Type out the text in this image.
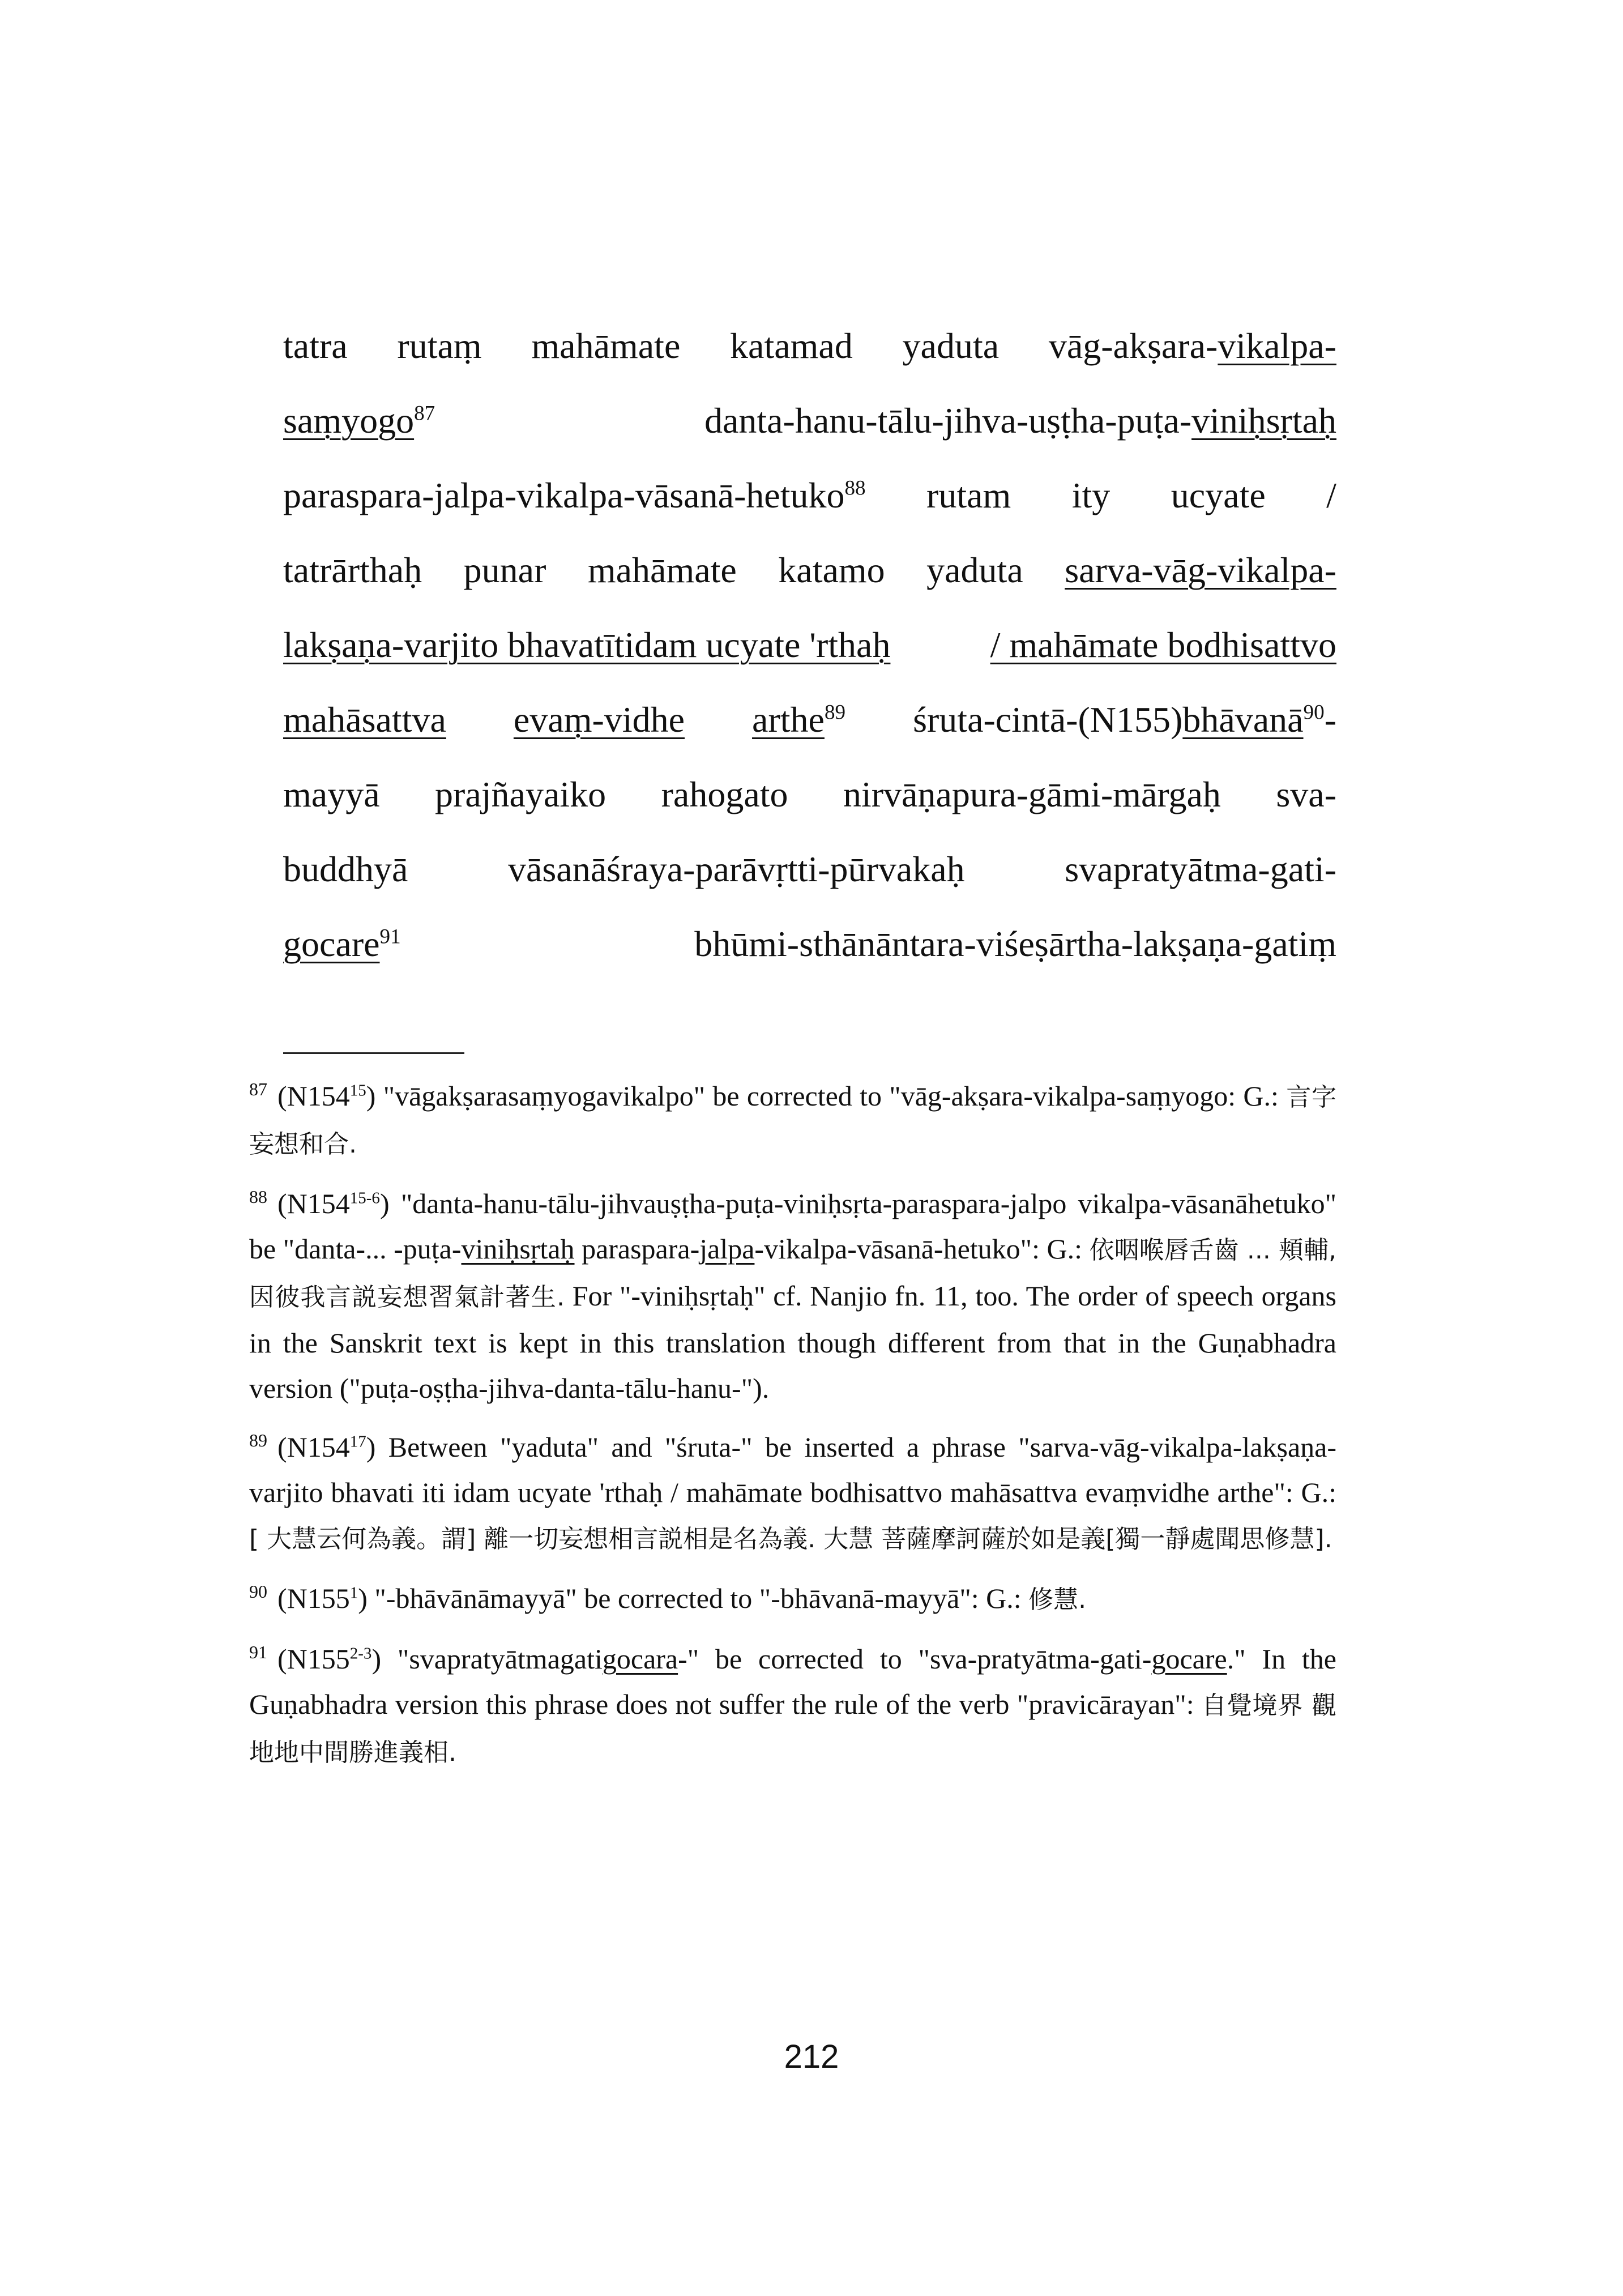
tatra rutaṃ mahāmate katamad yaduta vāg-akṣara-vikalpa-
saṃyogo$^{87}$	danta-hanu-tālu-jihva-uṣṭha-puṭa-viniḥsṛtaḥ
paraspara-jalpa-vikalpa-vāsanā-hetuko$^{88}$ rutam ity ucyate /
tatrārthaḥ punar mahāmate katamo yaduta sarva-vāg-vikalpa-
lakṣaṇa-varjito bhavatītidam ucyate 'rthaḥ	/ mahāmate bodhisattvo
mahāsattva evaṃ-vidhe arthe$^{89}$ śruta-cintā-(N155)bhāvanā$^{90}$-
mayyā prajñayaiko rahogato nirvāṇapura-gāmi-mārgaḥ sva-
buddhyā	vāsanāśraya-parāvṛtti-pūrvakaḥ	svapratyātma-gati-
gocare$^{91}$	bhūmi-sthānāntara-viśeṣārtha-lakṣaṇa-gatiṃ
$^{87}$ $(N154^{15})$ "vāgakṣarasaṃyogavikalpo" be corrected to "vāg-akṣara-vikalpa-saṃyogo: G.: 言字妄想和合.
$^{88}$ (N154$^{15-6}$) "danta-hanu-tālu-jihvauṣṭha-puṭa-viniḥsṛta-paraspara-jalpo vikalpa-vāsanāhetuko" be "danta-... -puṭa-viniḥsṛtaḥ paraspara-jalpa-vikalpa-vāsanā-hetuko": G.: 依咽喉唇舌齒 ... 頬輔, 因彼我言説妄想習氣計著生. For "-viniḥsṛtaḥ" cf. Nanjio fn. 11, too. The order of speech organs in the Sanskrit text is kept in this translation though different from that in the Guṇabhadra version ("puṭa-oṣṭha-jihva-danta-tālu-hanu-").
$^{89}$ $(N154^{17})$ Between "yaduta" and "śruta-" be inserted a phrase "sarva-vāg-vikalpa-lakṣaṇa-varjito bhavati iti idam ucyate 'rthaḥ / mahāmate bodhisattvo mahāsattva evaṃvidhe arthe": G.: [ 大慧云何為義。謂] 離一切妄想相言説相是名為義. 大慧 菩薩摩訶薩於如是義[獨一靜處聞思修慧].
$^{90}$ $(N155^1)$ "-bhāvānāmayyā" be corrected to "-bhāvanā-mayyā": G.: 修慧.
$^{91}$ (N155$^{2-3}$) "svapratyātmagatigocara-" be corrected to "sva-pratyātma-gati-gocare." In the Guṇabhadra version this phrase does not suffer the rule of the verb "pravicārayan": 自覺境界 觀地地中間勝進義相.
212
